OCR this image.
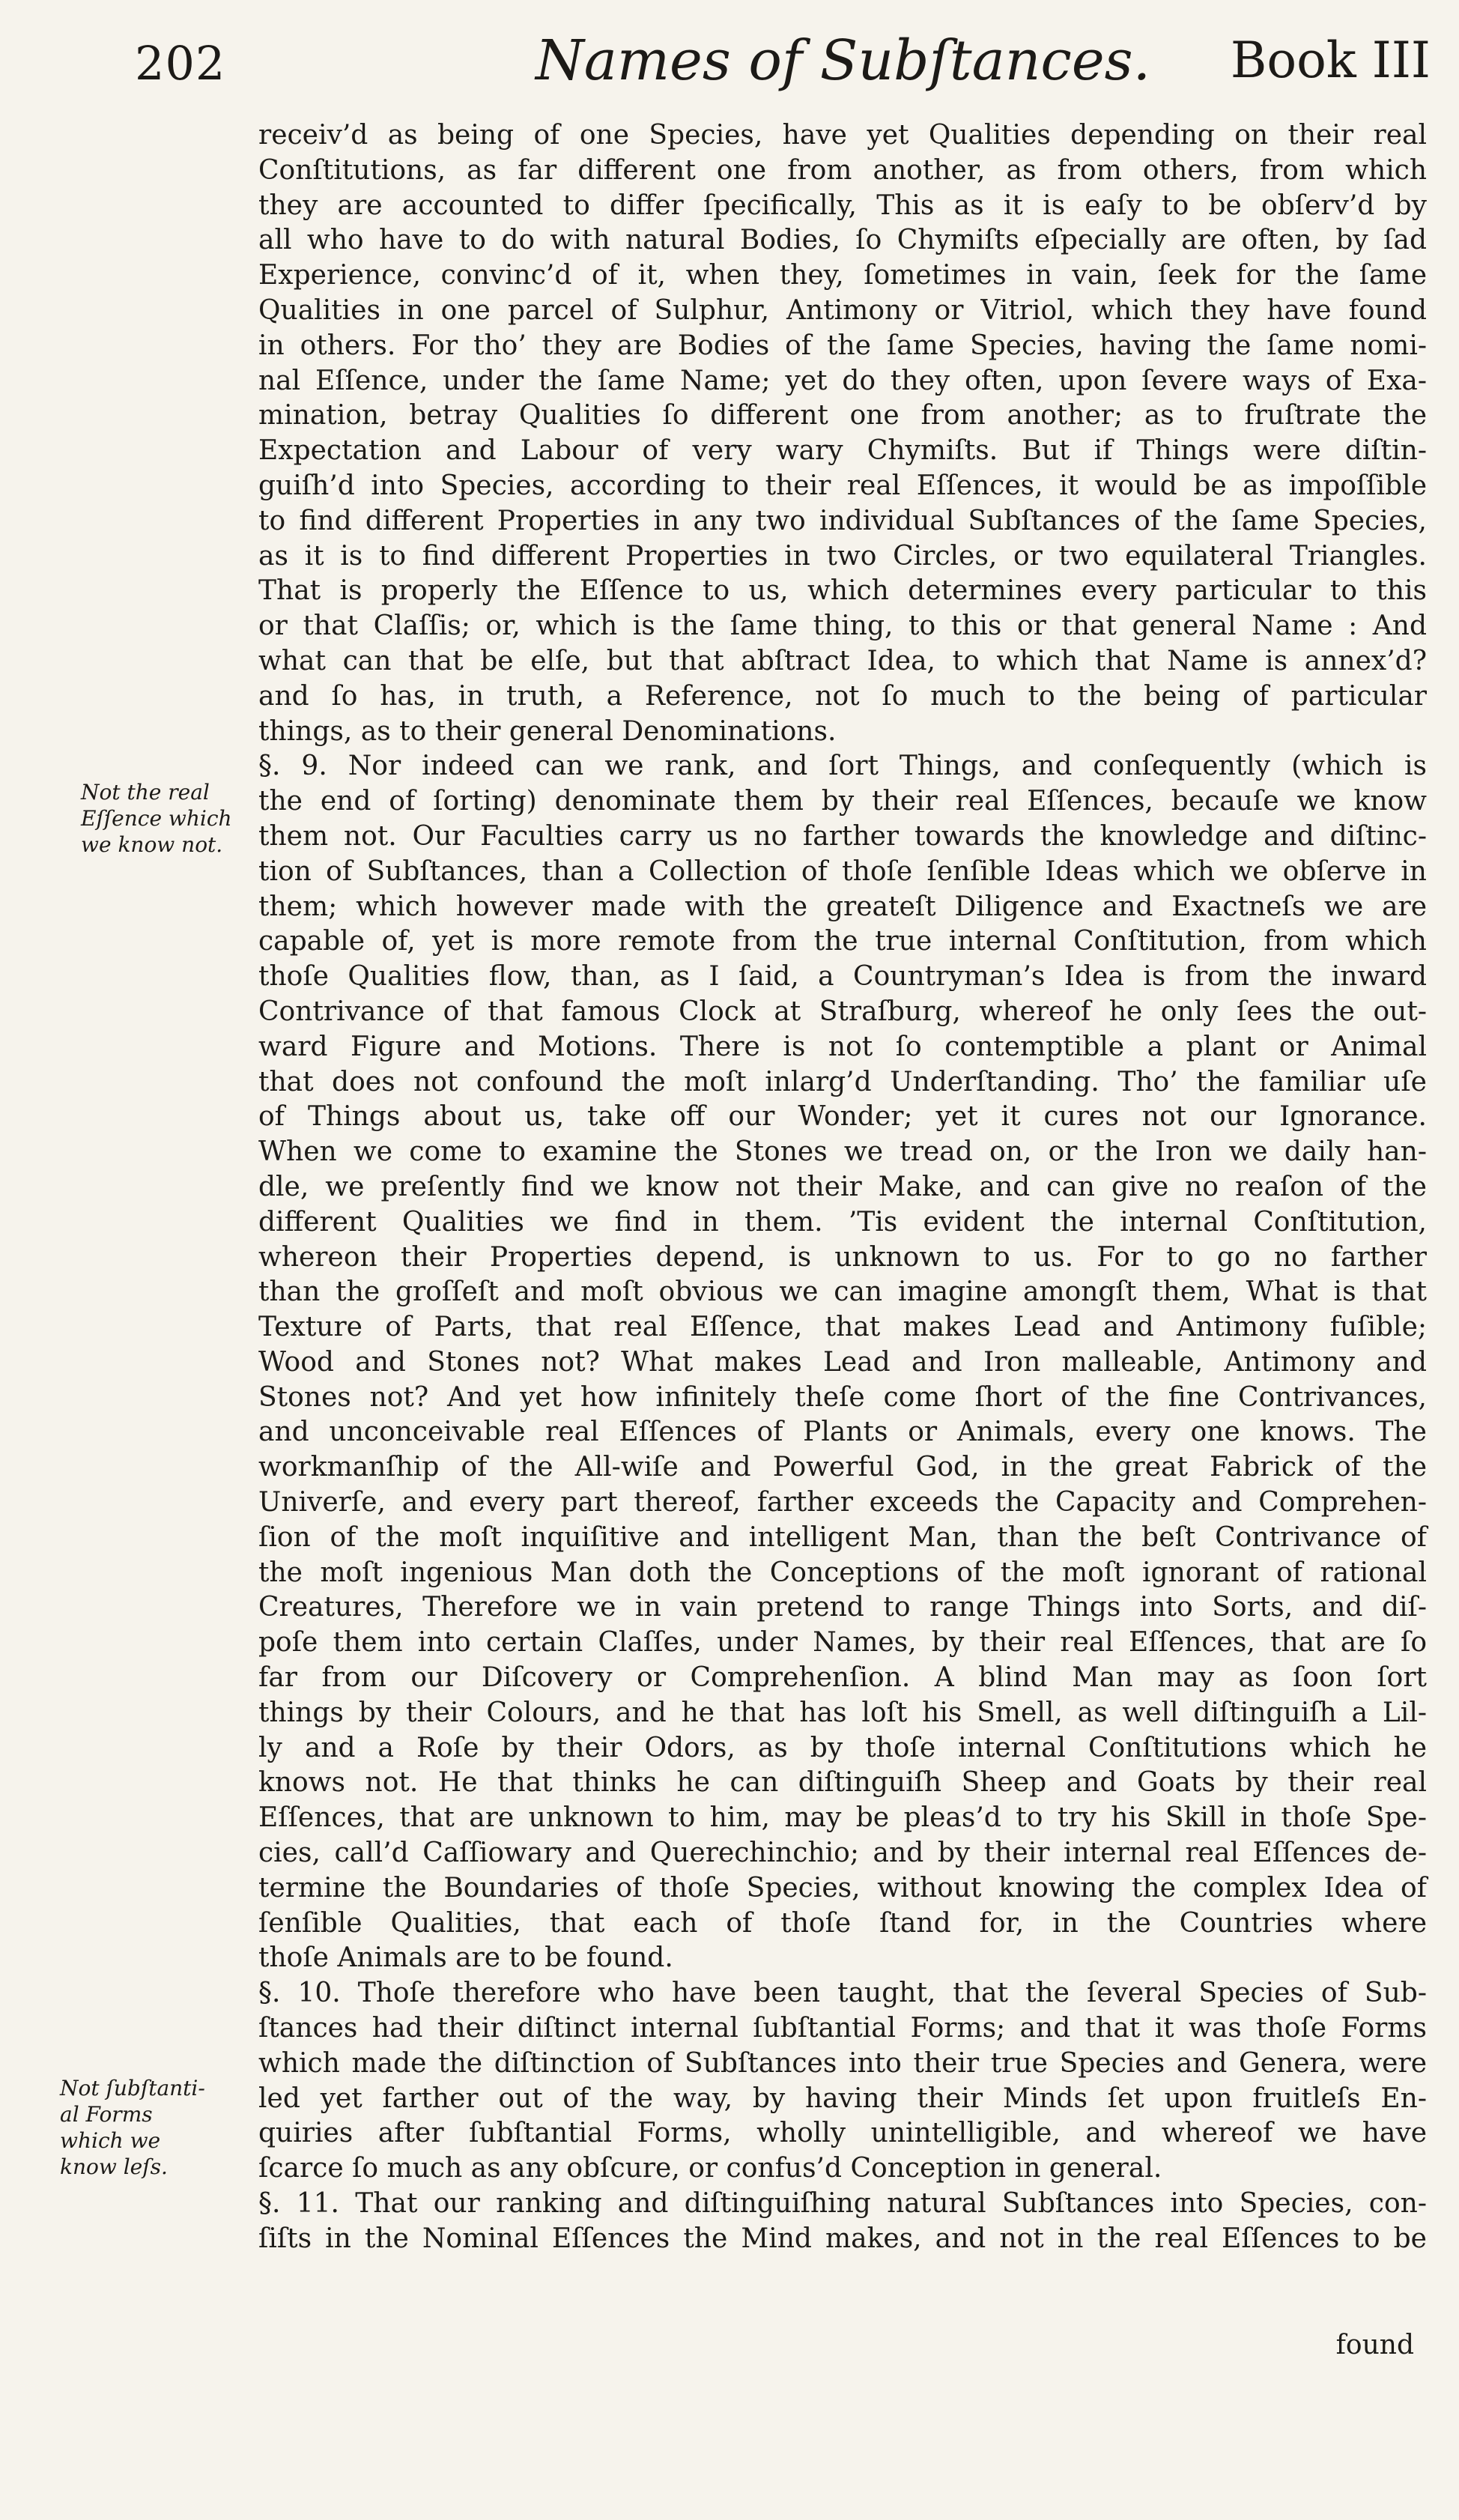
202	Names of Subſtances. Book III
Not the real Eſſence which we know not.
Not ſubſtanti- al Forms which we know leſs.
receiv’d as being of one Species, have yet Qualities depending on their real
Conſtitutions, as far different one from another, as from others, from which
they are accounted to differ ſpecifically, This as it is eaſy to be obſerv’d by
all who have to do with natural Bodies, ſo Chymiſts eſpecially are often, by ſad
Experience, convinc’d of it, when they, ſometimes in vain, ſeek for the ſame
Qualities in one parcel of Sulphur, Antimony or Vitriol, which they have found
in others. For tho’ they are Bodies of the ſame Species, having the ſame nomi-
nal Eſſence, under the ſame Name; yet do they often, upon ſevere ways of Exa-
mination, betray Qualities ſo different one from another; as to fruſtrate the
Expectation and Labour of very wary Chymiſts. But if Things were diſtin-
guiſh’d into Species, according to their real Eſſences, it would be as impoſſible
to find different Properties in any two individual Subſtances of the ſame Species,
as it is to find different Properties in two Circles, or two equilateral Triangles.
That is properly the Eſſence to us, which determines every particular to this
or that Claſſis; or, which is the ſame thing, to this or that general Name : And
what can that be elſe, but that abſtract Idea, to which that Name is annex’d?
and ſo has, in truth, a Reference, not ſo much to the being of particular
things, as to their general Denominations.
§. 9. Nor indeed can we rank, and ſort Things, and conſequently (which is
the end of ſorting) denominate them by their real Eſſences, becauſe we know
them not. Our Faculties carry us no farther towards the knowledge and diſtinc-
tion of Subſtances, than a Collection of thoſe ſenſible Ideas which we obſerve in
them; which however made with the greateſt Diligence and Exactneſs we are
capable of, yet is more remote from the true internal Conſtitution, from which
thoſe Qualities flow, than, as I ſaid, a Countryman’s Idea is from the inward
Contrivance of that famous Clock at Straſburg, whereof he only ſees the out-
ward Figure and Motions. There is not ſo contemptible a plant or Animal
that does not confound the moſt inlarg’d Underſtanding. Tho’ the familiar uſe
of Things about us, take off our Wonder; yet it cures not our Ignorance.
When we come to examine the Stones we tread on, or the Iron we daily han-
dle, we preſently find we know not their Make, and can give no reaſon of the
different Qualities we find in them. ’Tis evident the internal Conſtitution,
whereon their Properties depend, is unknown to us. For to go no farther
than the groſſeſt and moſt obvious we can imagine amongſt them, What is that
Texture of Parts, that real Eſſence, that makes Lead and Antimony fuſible;
Wood and Stones not? What makes Lead and Iron malleable, Antimony and
Stones not? And yet how infinitely theſe come ſhort of the fine Contrivances,
and unconceivable real Eſſences of Plants or Animals, every one knows. The
workmanſhip of the All-wiſe and Powerful God, in the great Fabrick of the
Univerſe, and every part thereof, farther exceeds the Capacity and Comprehen-
ſion of the moſt inquiſitive and intelligent Man, than the beſt Contrivance of
the moſt ingenious Man doth the Conceptions of the moſt ignorant of rational
Creatures, Therefore we in vain pretend to range Things into Sorts, and diſ-
poſe them into certain Claſſes, under Names, by their real Eſſences, that are ſo
far from our Diſcovery or Comprehenſion. A blind Man may as ſoon ſort
things by their Colours, and he that has loſt his Smell, as well diſtinguiſh a Lil-
ly and a Roſe by their Odors, as by thoſe internal Conſtitutions which he
knows not. He that thinks he can diſtinguiſh Sheep and Goats by their real
Eſſences, that are unknown to him, may be pleas’d to try his Skill in thoſe Spe-
cies, call’d Caſſiowary and Querechinchio; and by their internal real Eſſences de-
termine the Boundaries of thoſe Species, without knowing the complex Idea of
ſenſible Qualities, that each of thoſe ſtand for, in the Countries where
thoſe Animals are to be found.
§. 10. Thoſe therefore who have been taught, that the ſeveral Species of Sub-
ſtances had their diſtinct internal ſubſtantial Forms; and that it was thoſe Forms
which made the diſtinction of Subſtances into their true Species and Genera, were
led yet farther out of the way, by having their Minds ſet upon fruitleſs En-
quiries after ſubſtantial Forms, wholly unintelligible, and whereof we have
ſcarce ſo much as any obſcure, or confus’d Conception in general.
§. 11. That our ranking and diſtinguiſhing natural Subſtances into Species, con-
ſiſts in the Nominal Eſſences the Mind makes, and not in the real Eſſences to be
found
